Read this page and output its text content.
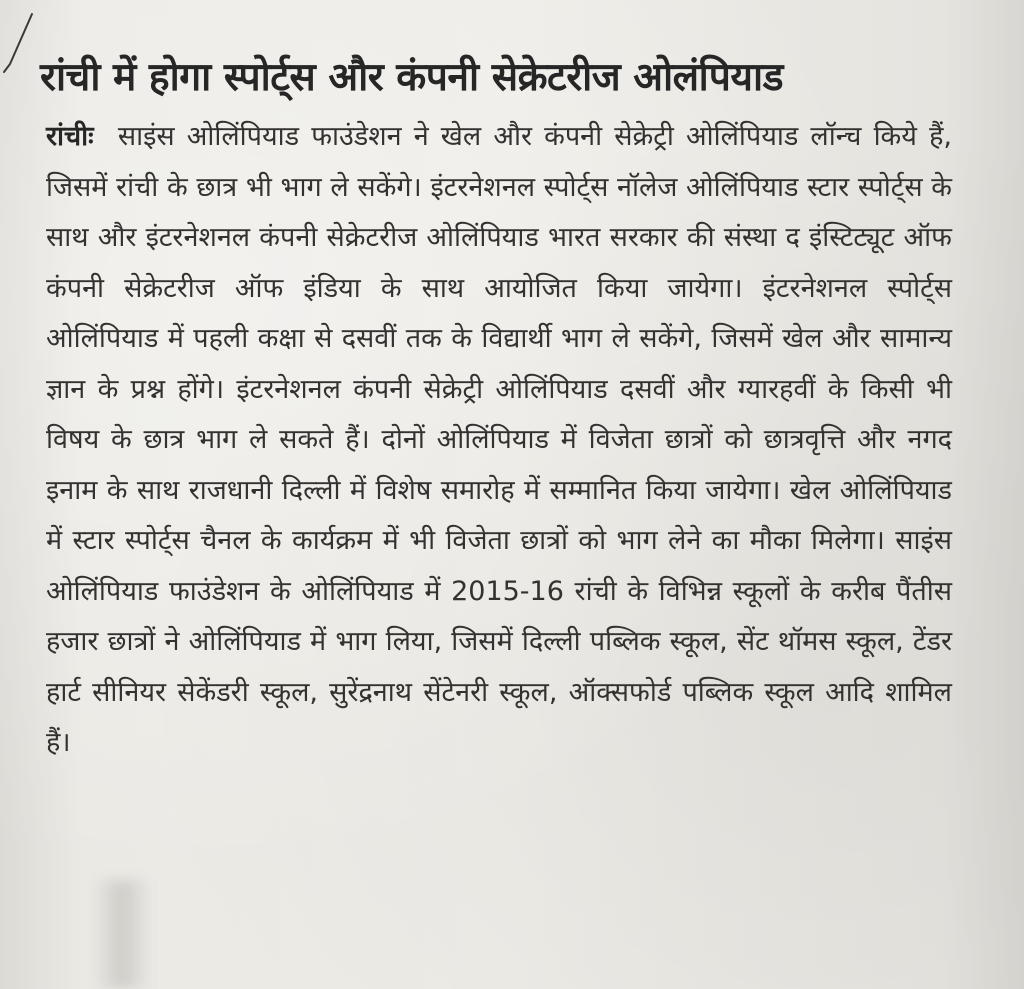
रांची में होगा स्पोर्ट्स और कंपनी सेक्रेटरीज ओलंपियाड

रांचीः साइंस ओलिंपियाड फाउंडेशन ने खेल और कंपनी सेक्रेट्री ओलिंपियाड लॉन्च किये हैं, जिसमें रांची के छात्र भी भाग ले सकेंगे। इंटरनेशनल स्पोर्ट्स नॉलेज ओलिंपियाड स्टार स्पोर्ट्स के साथ और इंटरनेशनल कंपनी सेक्रेटरीज ओलिंपियाड भारत सरकार की संस्था द इंस्टिट्यूट ऑफ कंपनी सेक्रेटरीज ऑफ इंडिया के साथ आयोजित किया जायेगा। इंटरनेशनल स्पोर्ट्स ओलिंपियाड में पहली कक्षा से दसवीं तक के विद्यार्थी भाग ले सकेंगे, जिसमें खेल और सामान्य ज्ञान के प्रश्न होंगे। इंटरनेशनल कंपनी सेक्रेट्री ओलिंपियाड दसवीं और ग्यारहवीं के किसी भी विषय के छात्र भाग ले सकते हैं। दोनों ओलिंपियाड में विजेता छात्रों को छात्रवृत्ति और नगद इनाम के साथ राजधानी दिल्ली में विशेष समारोह में सम्मानित किया जायेगा। खेल ओलिंपियाड में स्टार स्पोर्ट्स चैनल के कार्यक्रम में भी विजेता छात्रों को भाग लेने का मौका मिलेगा। साइंस ओलिंपियाड फाउंडेशन के ओलिंपियाड में 2015-16 रांची के विभिन्न स्कूलों के करीब पैंतीस हजार छात्रों ने ओलिंपियाड में भाग लिया, जिसमें दिल्ली पब्लिक स्कूल, सेंट थॉमस स्कूल, टेंडर हार्ट सीनियर सेकेंडरी स्कूल, सुरेंद्रनाथ सेंटेनरी स्कूल, ऑक्सफोर्ड पब्लिक स्कूल आदि शामिल हैं।
